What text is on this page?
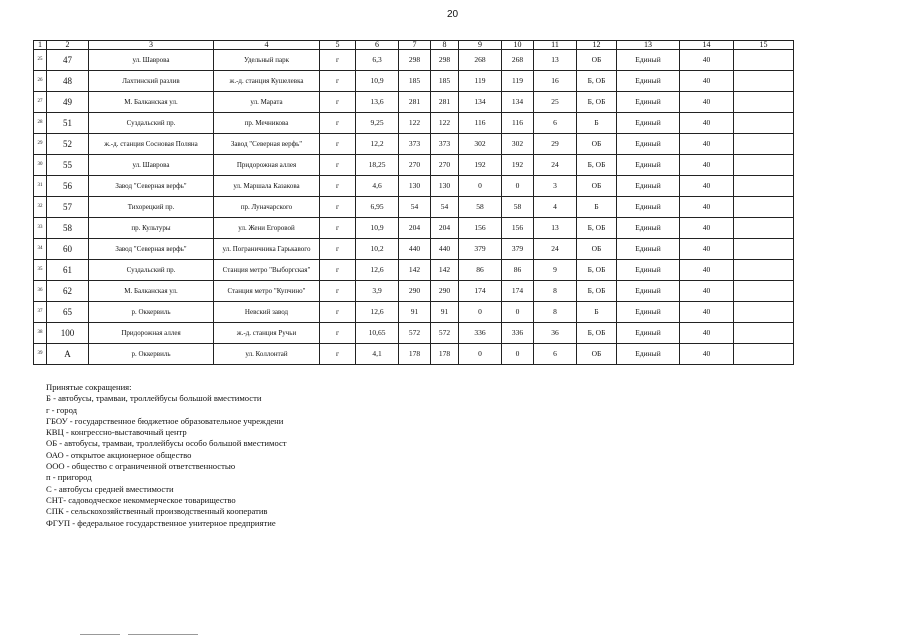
20
1	2	3	4	5	6	7	8	9	10	11	12	13	14	15
25	47	ул. Шаврова	Удельный парк	г	6,3	298	298	268	268	13	ОБ	Единый	40	
26	48	Лахтинский разлив	ж.-д. станция Кушелевка	г	10,9	185	185	119	119	16	Б, ОБ	Единый	40	
27	49	М. Балканская ул.	ул. Марата	г	13,6	281	281	134	134	25	Б, ОБ	Единый	40	
28	51	Суздальский пр.	пр. Мечникова	г	9,25	122	122	116	116	6	Б	Единый	40	
29	52	ж.-д. станция Сосновая Поляна	Завод "Северная верфь"	г	12,2	373	373	302	302	29	ОБ	Единый	40	
30	55	ул. Шаврова	Придорожная аллея	г	18,25	270	270	192	192	24	Б, ОБ	Единый	40	
31	56	Завод "Северная верфь"	ул. Маршала Казакова	г	4,6	130	130	0	0	3	ОБ	Единый	40	
32	57	Тихорецкий пр.	пр. Луначарского	г	6,95	54	54	58	58	4	Б	Единый	40	
33	58	пр. Культуры	ул. Жени Егоровой	г	10,9	204	204	156	156	13	Б, ОБ	Единый	40	
34	60	Завод "Северная верфь"	ул. Пограничника Гарькавого	г	10,2	440	440	379	379	24	ОБ	Единый	40	
35	61	Суздальский пр.	Станция метро "Выборгская"	г	12,6	142	142	86	86	9	Б, ОБ	Единый	40	
36	62	М. Балканская ул.	Станция метро "Купчино"	г	3,9	290	290	174	174	8	Б, ОБ	Единый	40	
37	65	р. Оккервиль	Невский завод	г	12,6	91	91	0	0	8	Б	Единый	40	
38	100	Придорожная аллея	ж.-д. станция Ручьи	г	10,65	572	572	336	336	36	Б, ОБ	Единый	40	
39	А	р. Оккервиль	ул. Коллонтай	г	4,1	178	178	0	0	6	ОБ	Единый	40	
Принятые сокращения:
Б - автобусы, трамваи, троллейбусы большой вместимости
г - город
ГБОУ - государственное бюджетное образовательное учреждени
КВЦ - конгрессно-выставочный центр
ОБ - автобусы, трамваи, троллейбусы особо большой вместимост
ОАО - открытое акционерное общество
ООО - общество с ограниченной ответственностью
п - пригород
С - автобусы средней вместимости
СНТ- садоводческое некоммерческое товарищество
СПК - сельскохозяйственный производственный кооператив
ФГУП - федеральное государственное унитерное предприятие
